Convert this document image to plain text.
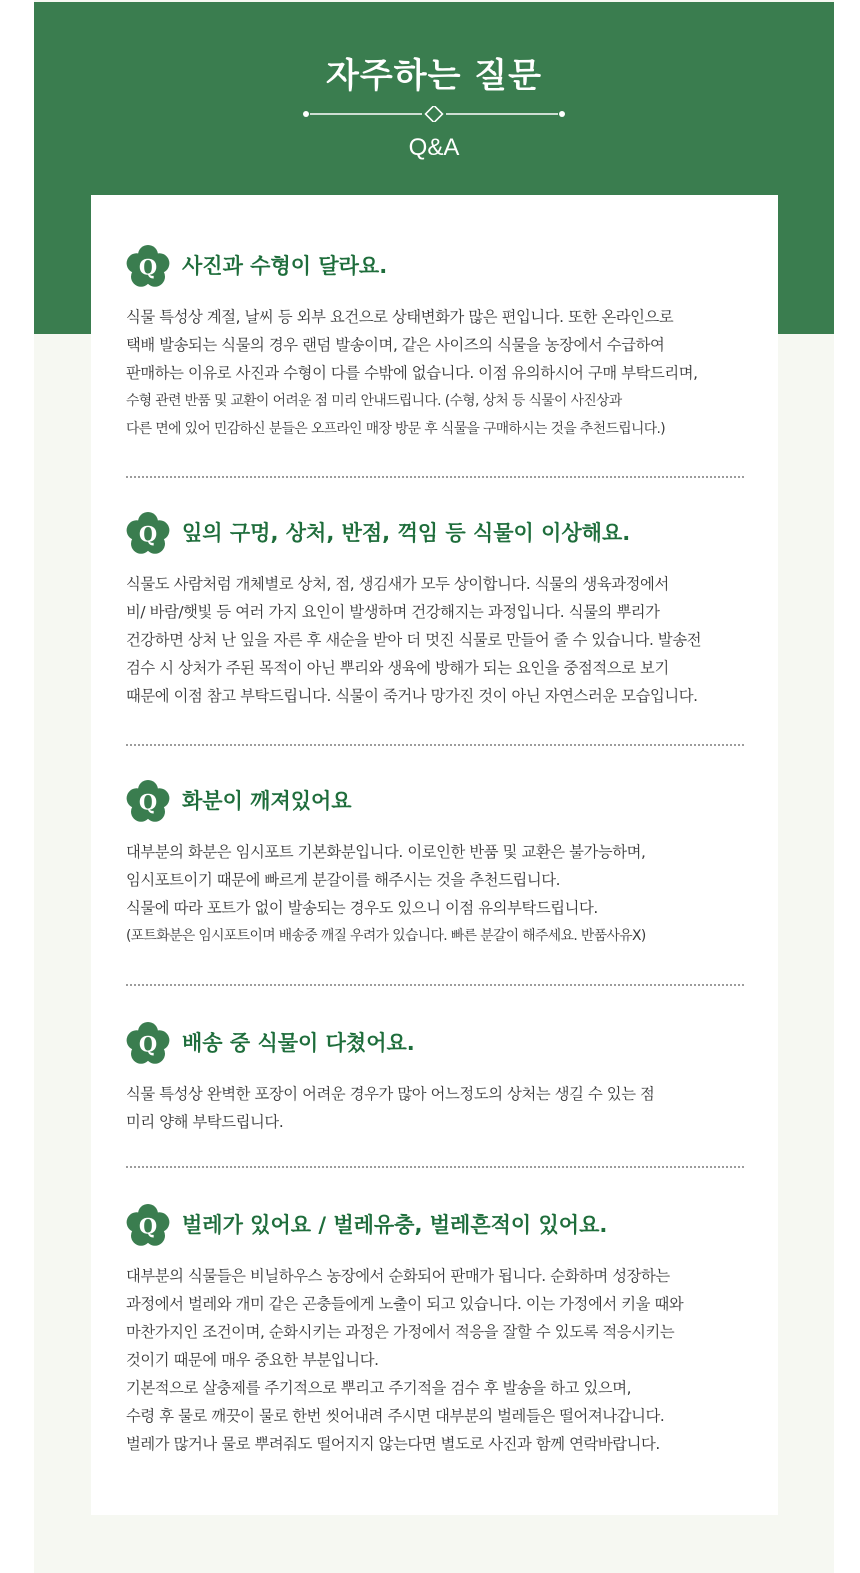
자주하는 질문
Q&A
Q 사진과 수형이 달라요.

식물 특성상 계절, 날씨 등 외부 요건으로 상태변화가 많은 편입니다. 또한 온라인으로

택배 발송되는 식물의 경우 랜덤 발송이며, 같은 사이즈의 식물을 농장에서 수급하여

판매하는 이유로 사진과 수형이 다를 수밖에 없습니다. 이점 유의하시어 구매 부탁드리며,

수형 관련 반품 및 교환이 어려운 점 미리 안내드립니다. (수형, 상처 등 식물이 사진상과

다른 면에 있어 민감하신 분들은 오프라인 매장 방문 후 식물을 구매하시는 것을 추천드립니다.)

Q 잎의 구멍, 상처, 반점, 꺽임 등 식물이 이상해요.

식물도 사람처럼 개체별로 상처, 점, 생김새가 모두 상이합니다. 식물의 생육과정에서

비/ 바람/햇빛 등 여러 가지 요인이 발생하며 건강해지는 과정입니다. 식물의 뿌리가

건강하면 상처 난 잎을 자른 후 새순을 받아 더 멋진 식물로 만들어 줄 수 있습니다. 발송전

검수 시 상처가 주된 목적이 아닌 뿌리와 생육에 방해가 되는 요인을 중점적으로 보기

때문에 이점 참고 부탁드립니다. 식물이 죽거나 망가진 것이 아닌 자연스러운 모습입니다.

Q 화분이 깨져있어요

대부분의 화분은 임시포트 기본화분입니다. 이로인한 반품 및 교환은 불가능하며,

임시포트이기 때문에 빠르게 분갈이를 해주시는 것을 추천드립니다.

식물에 따라 포트가 없이 발송되는 경우도 있으니 이점 유의부탁드립니다.

(포트화분은 임시포트이며 배송중 깨질 우려가 있습니다. 빠른 분갈이 해주세요. 반품사유X)

Q 배송 중 식물이 다쳤어요.

식물 특성상 완벽한 포장이 어려운 경우가 많아 어느정도의 상처는 생길 수 있는 점

미리 양해 부탁드립니다.

Q 벌레가 있어요 / 벌레유충, 벌레흔적이 있어요.

대부분의 식물들은 비닐하우스 농장에서 순화되어 판매가 됩니다. 순화하며 성장하는

과정에서 벌레와 개미 같은 곤충들에게 노출이 되고 있습니다. 이는 가정에서 키울 때와

마찬가지인 조건이며, 순화시키는 과정은 가정에서 적응을 잘할 수 있도록 적응시키는

것이기 때문에 매우 중요한 부분입니다.

기본적으로 살충제를 주기적으로 뿌리고 주기적을 검수 후 발송을 하고 있으며,

수령 후 물로 깨끗이 물로 한번 씻어내려 주시면 대부분의 벌레들은 떨어져나갑니다.

벌레가 많거나 물로 뿌려줘도 떨어지지 않는다면 별도로 사진과 함께 연락바랍니다.
